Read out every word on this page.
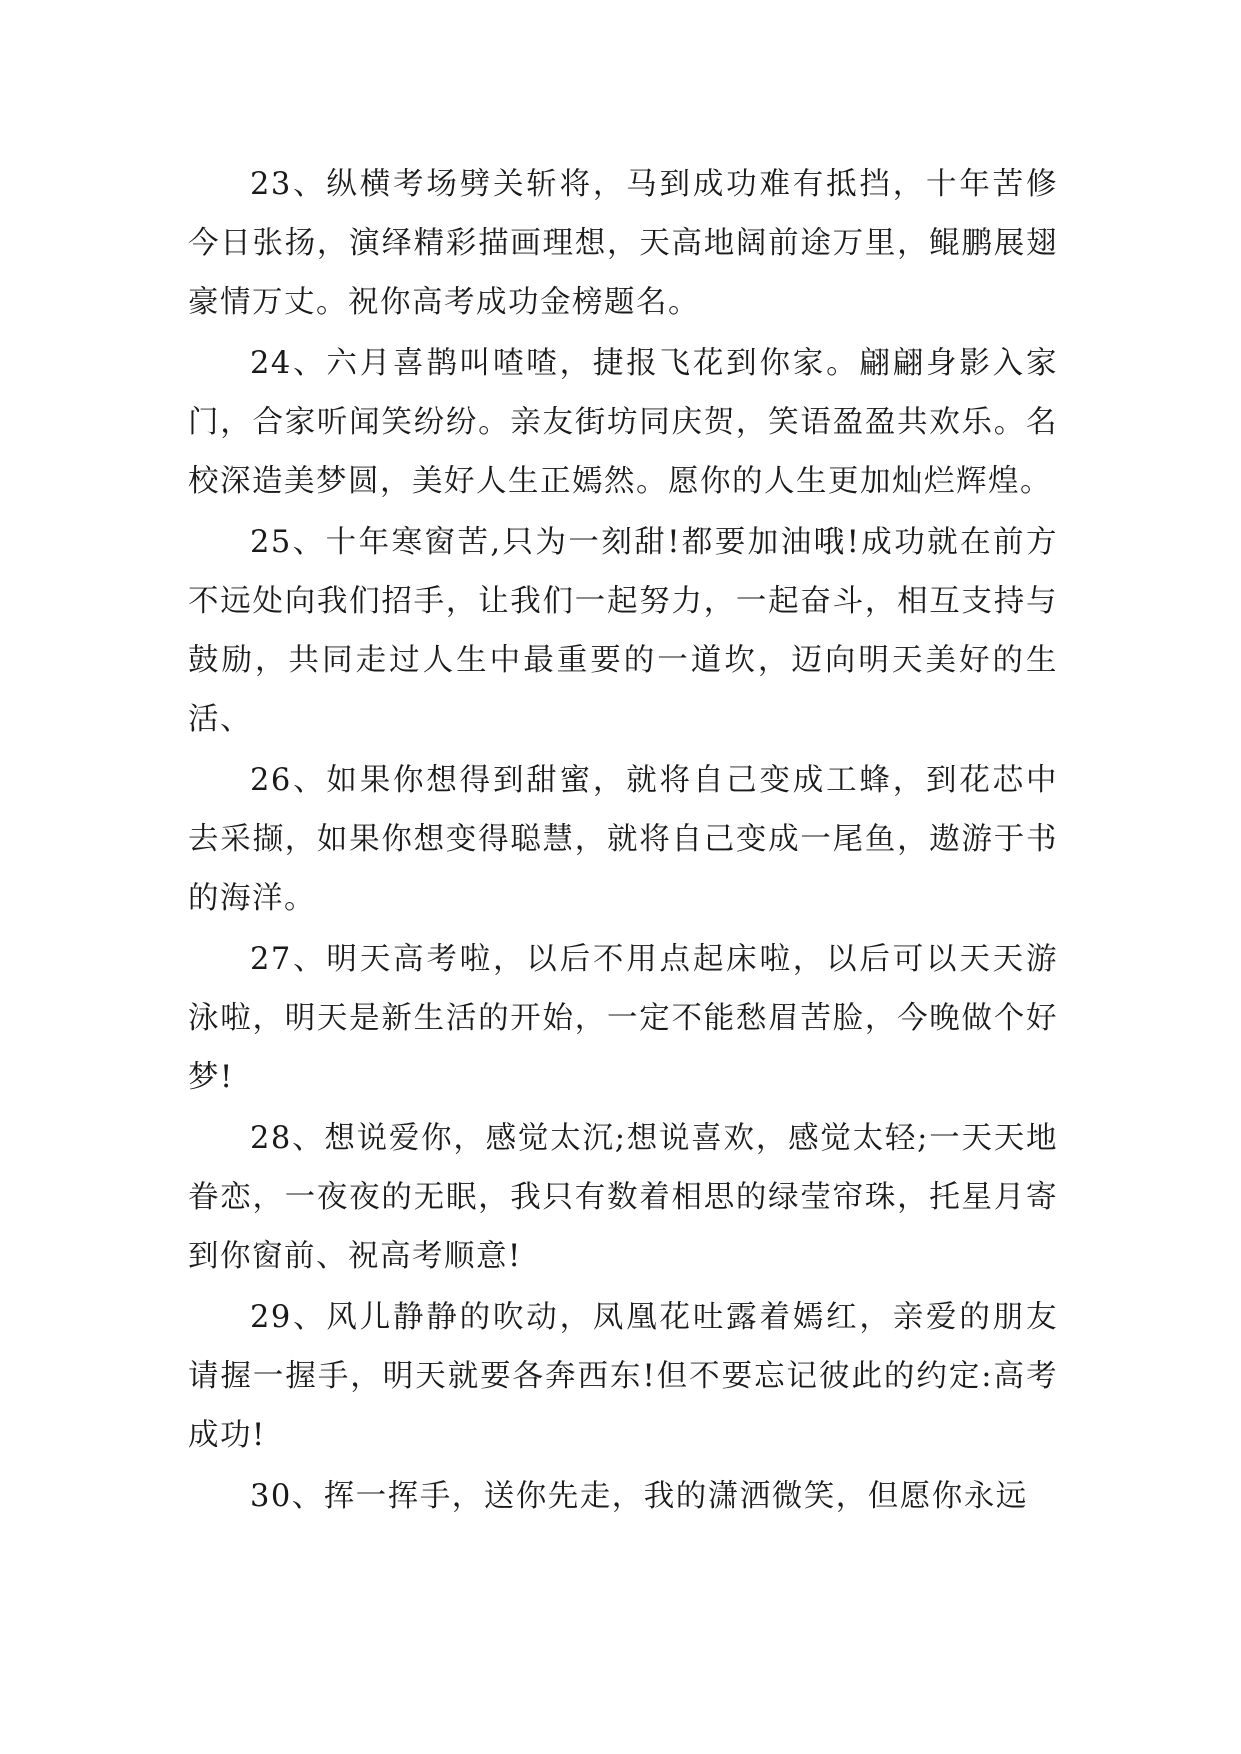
23、纵横考场劈关斩将，马到成功难有抵挡，十年苦修今日张扬，演绎精彩描画理想，天高地阔前途万里，鲲鹏展翅豪情万丈。祝你高考成功金榜题名。

24、六月喜鹊叫喳喳，捷报飞花到你家。翩翩身影入家门，合家听闻笑纷纷。亲友街坊同庆贺，笑语盈盈共欢乐。名校深造美梦圆，美好人生正嫣然。愿你的人生更加灿烂辉煌。

25、十年寒窗苦,只为一刻甜!都要加油哦!成功就在前方不远处向我们招手，让我们一起努力，一起奋斗，相互支持与鼓励，共同走过人生中最重要的一道坎，迈向明天美好的生活、

26、如果你想得到甜蜜，就将自己变成工蜂，到花芯中去采撷，如果你想变得聪慧，就将自己变成一尾鱼，遨游于书的海洋。

27、明天高考啦，以后不用点起床啦，以后可以天天游泳啦，明天是新生活的开始，一定不能愁眉苦脸，今晚做个好梦!

28、想说爱你，感觉太沉;想说喜欢，感觉太轻;一天天地眷恋，一夜夜的无眠，我只有数着相思的绿莹帘珠，托星月寄到你窗前、祝高考顺意!

29、风儿静静的吹动，凤凰花吐露着嫣红，亲爱的朋友请握一握手，明天就要各奔西东!但不要忘记彼此的约定:高考成功!

30、挥一挥手，送你先走，我的潇洒微笑，但愿你永远
